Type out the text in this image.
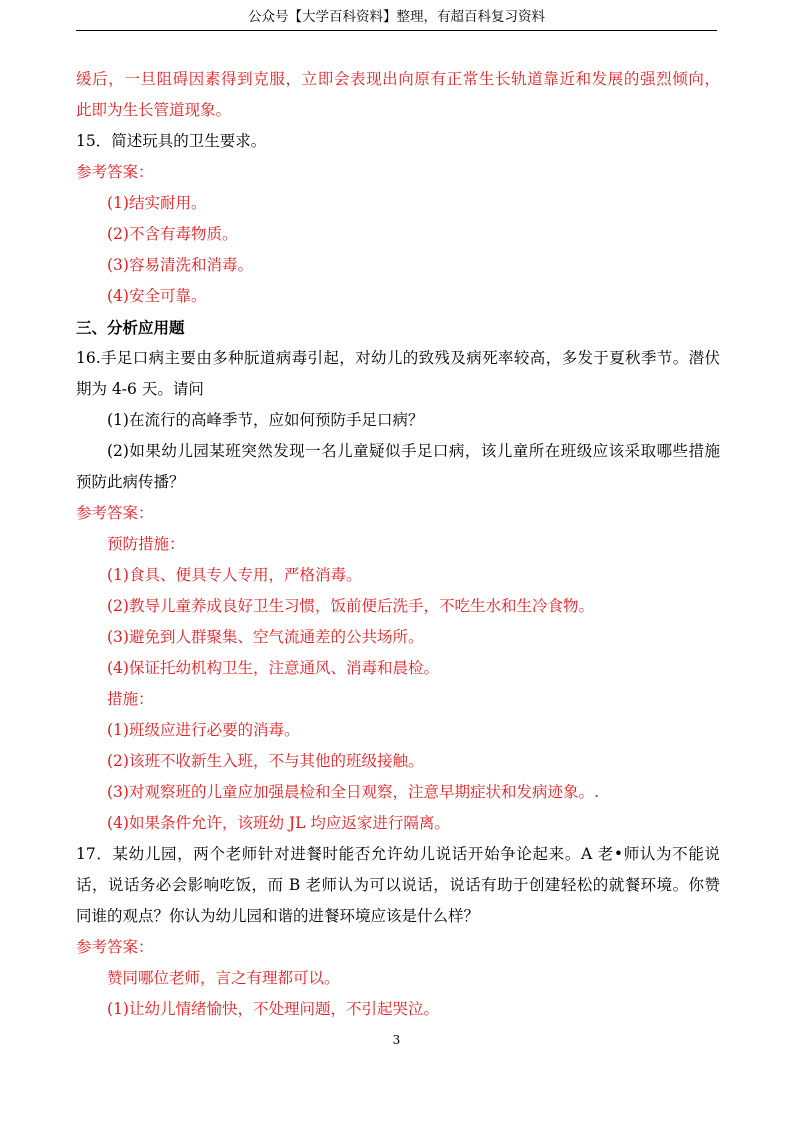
公众号【大学百科资料】整理，有超百科复习资料
缓后，一旦阻碍因素得到克服，立即会表现出向原有正常生长轨道靠近和发展的强烈倾向，
此即为生长管道现象。
15．简述玩具的卫生要求。
参考答案：
(1)结实耐用。
(2)不含有毒物质。
(3)容易清洗和消毒。
(4)安全可靠。
三、分析应用题
16.手足口病主要由多种朊道病毒引起，对幼儿的致残及病死率较高，多发于夏秋季节。潜伏
期为 4-6 天。请问
(1)在流行的高峰季节，应如何预防手足口病？
(2)如果幼儿园某班突然发现一名儿童疑似手足口病，该儿童所在班级应该采取哪些措施
预防此病传播？
参考答案：
预防措施：
(1)食具、便具专人专用，严格消毒。
(2)教导儿童养成良好卫生习惯，饭前便后洗手，不吃生水和生冷食物。
(3)避免到人群聚集、空气流通差的公共场所。
(4)保证托幼机构卫生，注意通风、消毒和晨检。
措施：
(1)班级应进行必要的消毒。
(2)该班不收新生入班，不与其他的班级接触。
(3)对观察班的儿童应加强晨检和全日观察，注意早期症状和发病迹象。.
(4)如果条件允许，该班幼 JL 均应返家进行隔离。
17．某幼儿园，两个老师针对进餐时能否允许幼儿说话开始争论起来。A 老•师认为不能说
话，说话务必会影响吃饭，而 B 老师认为可以说话，说话有助于创建轻松的就餐环境。你赞
同谁的观点？你认为幼儿园和谐的进餐环境应该是什么样？
参考答案：
赞同哪位老师，言之有理都可以。
(1)让幼儿情绪愉快，不处理问题，不引起哭泣。
3
